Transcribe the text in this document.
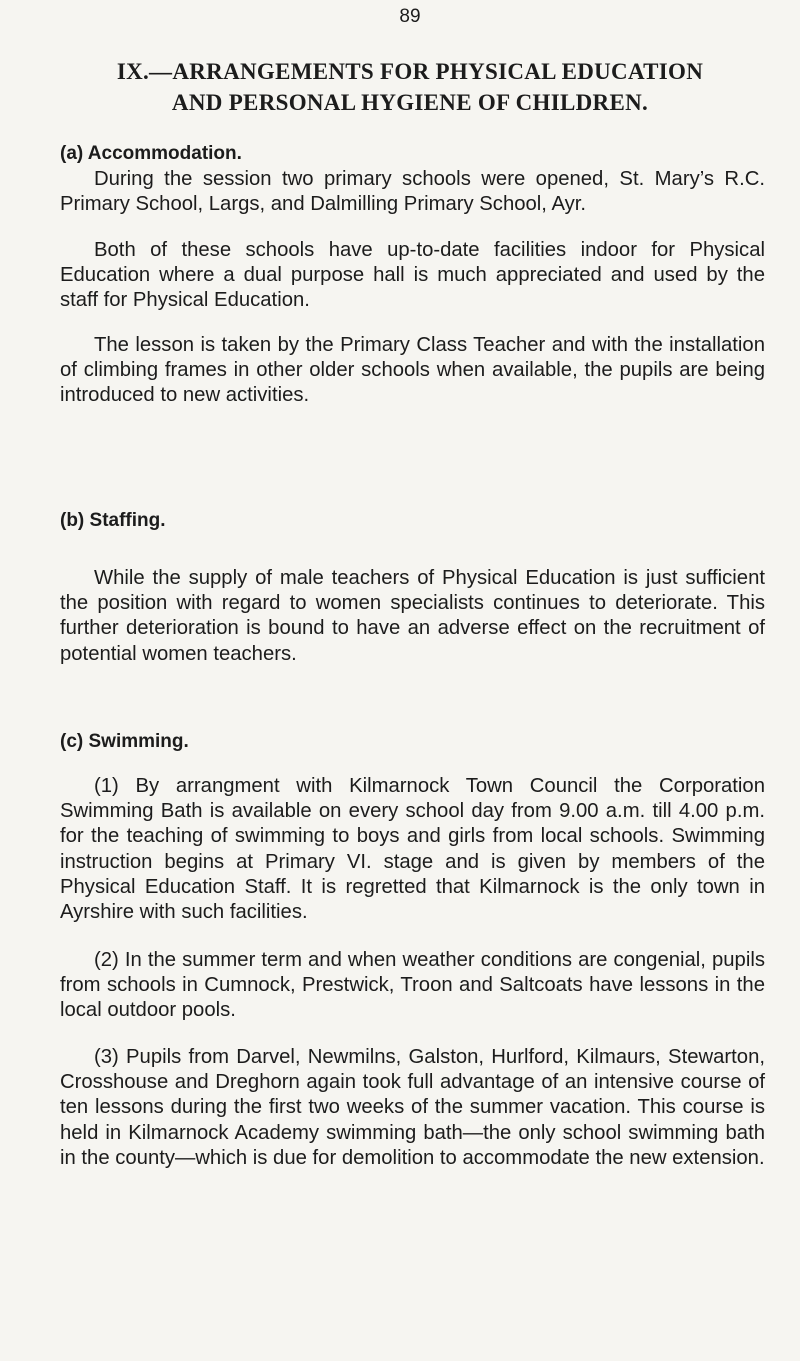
89
IX.—ARRANGEMENTS FOR PHYSICAL EDUCATION
AND PERSONAL HYGIENE OF CHILDREN.
(a) Accommodation.

During the session two primary schools were opened, St. Mary’s R.C. Primary School, Largs, and Dalmilling Primary School, Ayr.

Both of these schools have up-to-date facilities indoor for Physical Education where a dual purpose hall is much appreciated and used by the staff for Physical Education.

The lesson is taken by the Primary Class Teacher and with the installation of climbing frames in other older schools when available, the pupils are being introduced to new activities.

(b) Staffing.

While the supply of male teachers of Physical Education is just sufficient the position with regard to women specialists continues to deteriorate. This further deterioration is bound to have an adverse effect on the recruitment of potential women teachers.

(c) Swimming.

(1) By arrangment with Kilmarnock Town Council the Corporation Swimming Bath is available on every school day from 9.00 a.m. till 4.00 p.m. for the teaching of swimming to boys and girls from local schools. Swimming instruction begins at Primary VI. stage and is given by members of the Physical Education Staff. It is regretted that Kilmarnock is the only town in Ayrshire with such facilities.

(2) In the summer term and when weather conditions are congenial, pupils from schools in Cumnock, Prestwick, Troon and Saltcoats have lessons in the local outdoor pools.

(3) Pupils from Darvel, Newmilns, Galston, Hurlford, Kilmaurs, Stewarton, Crosshouse and Dreghorn again took full advantage of an intensive course of ten lessons during the first two weeks of the summer vacation. This course is held in Kilmarnock Academy swimming bath—the only school swimming bath in the county—which is due for demolition to accommodate the new extension.
